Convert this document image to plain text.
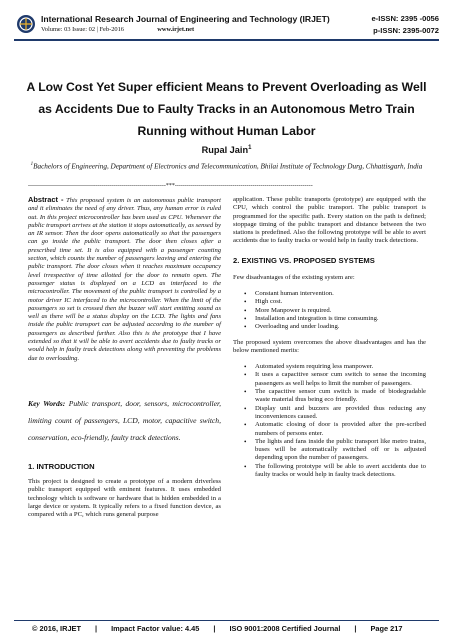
International Research Journal of Engineering and Technology (IRJET)
Volume: 03 Issue: 02 | Feb-2016	www.irjet.net
e-ISSN: 2395 -0056
p-ISSN: 2395-0072
A Low Cost Yet Super efficient Means to Prevent Overloading as Well as Accidents Due to Faulty Tracks in an Autonomous Metro Train Running without Human Labor
Rupal Jain$^1$
$^1$Bachelors of Engineering, Department of Electronics and Telecommunication, Bhilai Institute of Technology Durg, Chhattisgarh, India
---------------------------------------------------------------------***---------------------------------------------------------------------

Abstract - This proposed system is an autonomous public transport and it eliminates the need of any driver. Thus, any human error is ruled out. In this project microcontroller has been used as CPU. Whenever the public transport arrives at the station it stops automatically, as sensed by an IR sensor. Then the door opens automatically so that the passengers can go inside the public transport. The door then closes after a prescribed time set. It is also equipped with a passenger counting section, which counts the number of passengers leaving and entering the public transport. The door closes when it reaches maximum occupancy level irrespective of time allotted for the door to remain open. The passenger status is displayed on a LCD as interfaced to the microcontroller. The movement of the public transport is controlled by a motor driver IC interfaced to the microcontroller. When the limit of the passengers so set is crossed then the buzzer will start emitting sound as well as there will be a status display on the LCD. The lights and fans inside the public transport can be adjusted according to the number of passengers as described further. Also this is the prototype that I have extended so that it will be able to avert accidents due to faulty tracks or would help in faulty track detections along with preventing the problems due to overloading.

Key Words: Public transport, door, sensors, microcontroller, limiting count of passengers, LCD, motor, capacitive switch, conservation, eco-friendly, faulty track detections.

1. INTRODUCTION

This project is designed to create a prototype of a modern driverless public transport equipped with eminent features. It uses embedded technology which is software or hardware that is hidden embedded in a large device or system. It typically refers to a fixed function device, as compared with a PC, which runs general purpose

application. These public transports (prototype) are equipped with the CPU, which control the public transport. The public transport is programmed for the specific path. Every station on the path is defined; stoppage timing of the public transport and distance between the two stations is predefined. Also the following prototype will be able to avert accidents due to faulty tracks or would help in faulty track detections.

2. EXISTING VS. PROPOSED SYSTEMS

Few disadvantages of the existing system are:

• Constant human intervention.
• High cost.
• More Manpower is required.
• Installation and integration is time consuming.
• Overloading and under loading.

The proposed system overcomes the above disadvantages and has the below mentioned merits:

• Automated system requiring less manpower.
• It uses a capacitive sensor cum switch to sense the incoming passengers as well helps to limit the number of passengers.
• The capacitive sensor cum switch is made of biodegradable waste material thus being eco friendly.
• Display unit and buzzers are provided thus reducing any inconveniences caused.
• Automatic closing of door is provided after the pre-scribed numbers of persons enter.
• The lights and fans inside the public transport like metro trains, buses will be automatically switched off or is adjusted depending upon the number of passengers.
• The following prototype will be able to avert accidents due to faulty tracks or would help in faulty track detections.
© 2016, IRJET | Impact Factor value: 4.45 | ISO 9001:2008 Certified Journal | Page 217
